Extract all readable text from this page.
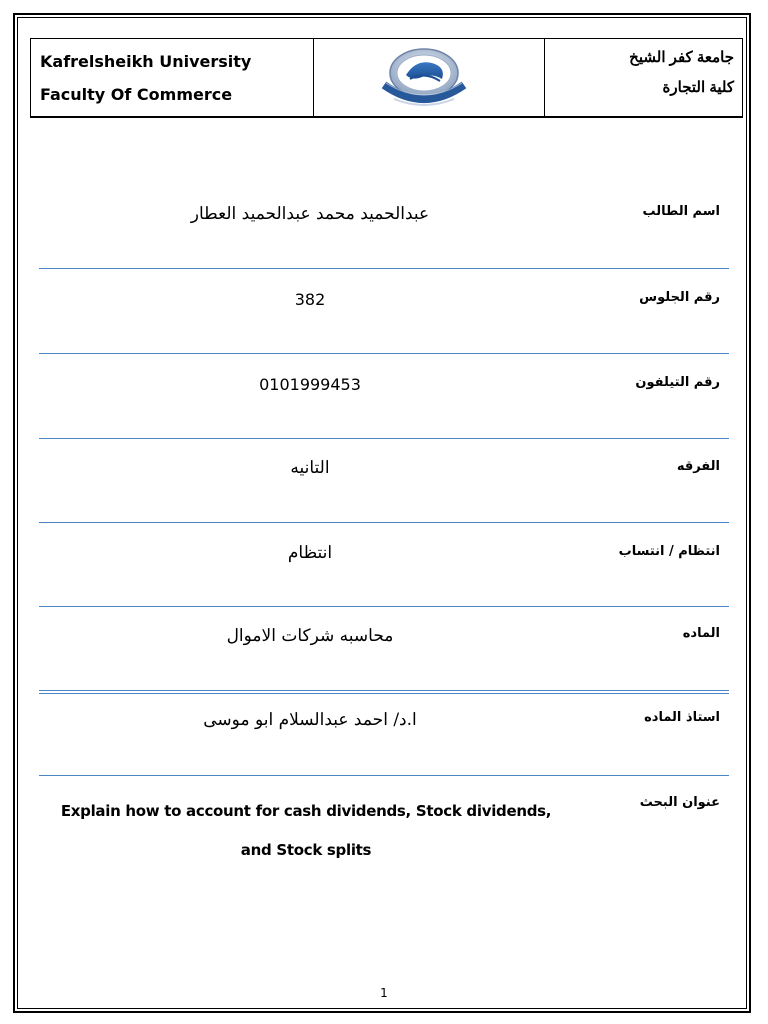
Kafrelsheikh University
Faculty Of Commerce
جامعة كفر الشيخ
كلية التجارة
اسم الطالب
عبدالحميد محمد عبدالحميد العطار
رقم الجلوس
382
رقم التيلفون
0101999453
الفرقه
التانيه
انتظام / انتساب
انتظام
الماده
محاسبه شركات الاموال
استاذ الماده
ا.د/ احمد عبدالسلام ابو موسى
عنوان البحث
Explain how to account for cash dividends, Stock dividends,
and Stock splits
1
